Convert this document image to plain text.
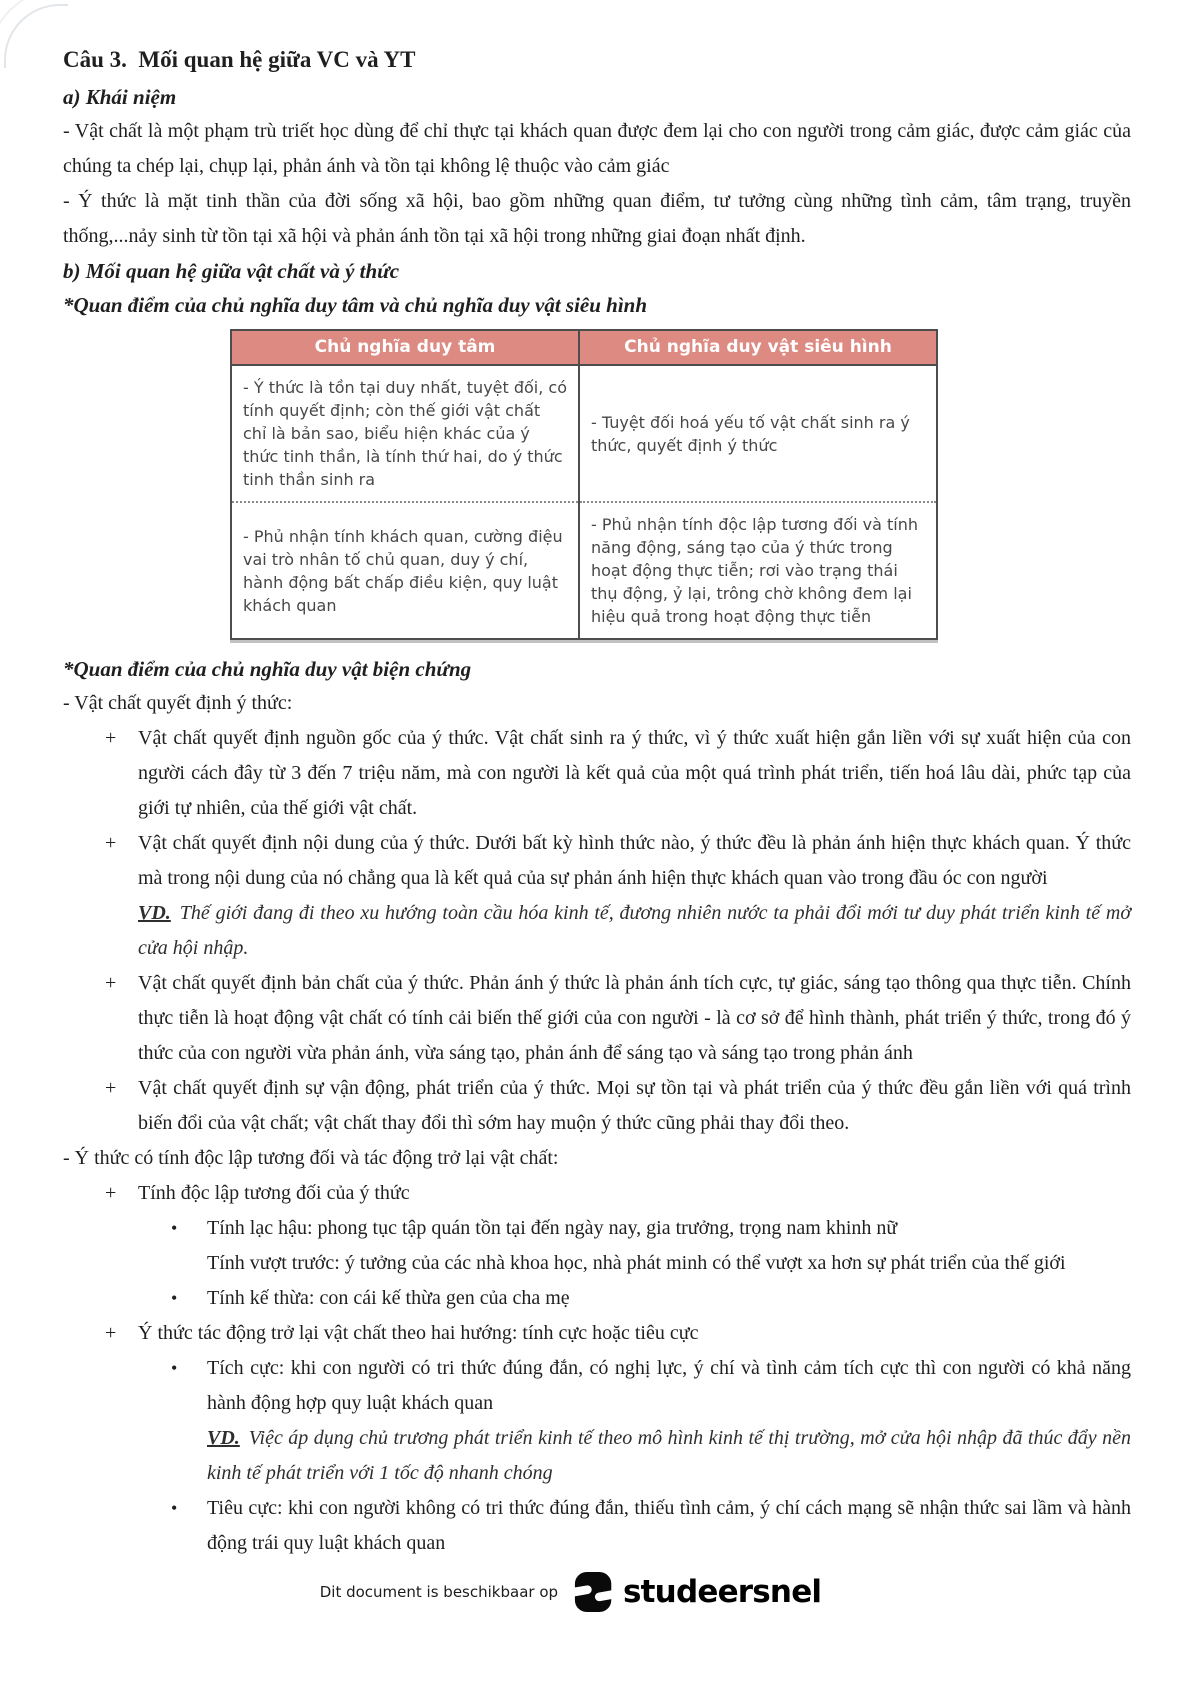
Câu 3.  Mối quan hệ giữa VC và YT
a) Khái niệm

- Vật chất là một phạm trù triết học dùng để chỉ thực tại khách quan được đem lại cho con người trong cảm giác, được cảm giác của chúng ta chép lại, chụp lại, phản ánh và tồn tại không lệ thuộc vào cảm giác

- Ý thức là mặt tinh thần của đời sống xã hội, bao gồm những quan điểm, tư tưởng cùng những tình cảm, tâm trạng, truyền thống,...nảy sinh từ tồn tại xã hội và phản ánh tồn tại xã hội trong những giai đoạn nhất định.

b) Mối quan hệ giữa vật chất và ý thức
*Quan điểm của chủ nghĩa duy tâm và chủ nghĩa duy vật siêu hình
Chủ nghĩa duy tâm	Chủ nghĩa duy vật siêu hình
- Ý thức là tồn tại duy nhất, tuyệt đối, có tính quyết định; còn thế giới vật chất chỉ là bản sao, biểu hiện khác của ý thức tinh thần, là tính thứ hai, do ý thức tinh thần sinh ra	- Tuyệt đối hoá yếu tố vật chất sinh ra ý thức, quyết định ý thức
- Phủ nhận tính khách quan, cường điệu vai trò nhân tố chủ quan, duy ý chí, hành động bất chấp điều kiện, quy luật khách quan	- Phủ nhận tính độc lập tương đối và tính năng động, sáng tạo của ý thức trong hoạt động thực tiễn; rơi vào trạng thái thụ động, ỷ lại, trông chờ không đem lại hiệu quả trong hoạt động thực tiễn
*Quan điểm của chủ nghĩa duy vật biện chứng

- Vật chất quyết định ý thức:

+	Vật chất quyết định nguồn gốc của ý thức. Vật chất sinh ra ý thức, vì ý thức xuất hiện gắn liền với sự xuất hiện của con người cách đây từ 3 đến 7 triệu năm, mà con người là kết quả của một quá trình phát triển, tiến hoá lâu dài, phức tạp của giới tự nhiên, của thế giới vật chất.

+	Vật chất quyết định nội dung của ý thức. Dưới bất kỳ hình thức nào, ý thức đều là phản ánh hiện thực khách quan. Ý thức mà trong nội dung của nó chẳng qua là kết quả của sự phản ánh hiện thực khách quan vào trong đầu óc con người

VD. Thế giới đang đi theo xu hướng toàn cầu hóa kinh tế, đương nhiên nước ta phải đổi mới tư duy phát triển kinh tế mở cửa hội nhập.
+	Vật chất quyết định bản chất của ý thức. Phản ánh ý thức là phản ánh tích cực, tự giác, sáng tạo thông qua thực tiễn. Chính thực tiễn là hoạt động vật chất có tính cải biến thế giới của con người - là cơ sở để hình thành, phát triển ý thức, trong đó ý thức của con người vừa phản ánh, vừa sáng tạo, phản ánh để sáng tạo và sáng tạo trong phản ánh

+	Vật chất quyết định sự vận động, phát triển của ý thức. Mọi sự tồn tại và phát triển của ý thức đều gắn liền với quá trình biến đổi của vật chất; vật chất thay đổi thì sớm hay muộn ý thức cũng phải thay đổi theo.

- Ý thức có tính độc lập tương đối và tác động trở lại vật chất:

+	Tính độc lập tương đối của ý thức

•	Tính lạc hậu: phong tục tập quán tồn tại đến ngày nay, gia trưởng, trọng nam khinh nữ

Tính vượt trước: ý tưởng của các nhà khoa học, nhà phát minh có thể vượt xa hơn sự phát triển của thế giới

•	Tính kế thừa: con cái kế thừa gen của cha mẹ

+	Ý thức tác động trở lại vật chất theo hai hướng: tính cực hoặc tiêu cực

•	Tích cực: khi con người có tri thức đúng đắn, có nghị lực, ý chí và tình cảm tích cực thì con người có khả năng hành động hợp quy luật khách quan

VD. Việc áp dụng chủ trương phát triển kinh tế theo mô hình kinh tế thị trường, mở cửa hội nhập đã thúc đẩy nền kinh tế phát triển với 1 tốc độ nhanh chóng
•	Tiêu cực: khi con người không có tri thức đúng đắn, thiếu tình cảm, ý chí cách mạng sẽ nhận thức sai lầm và hành động trái quy luật khách quan

Dit document is beschikbaar op studeersnel
